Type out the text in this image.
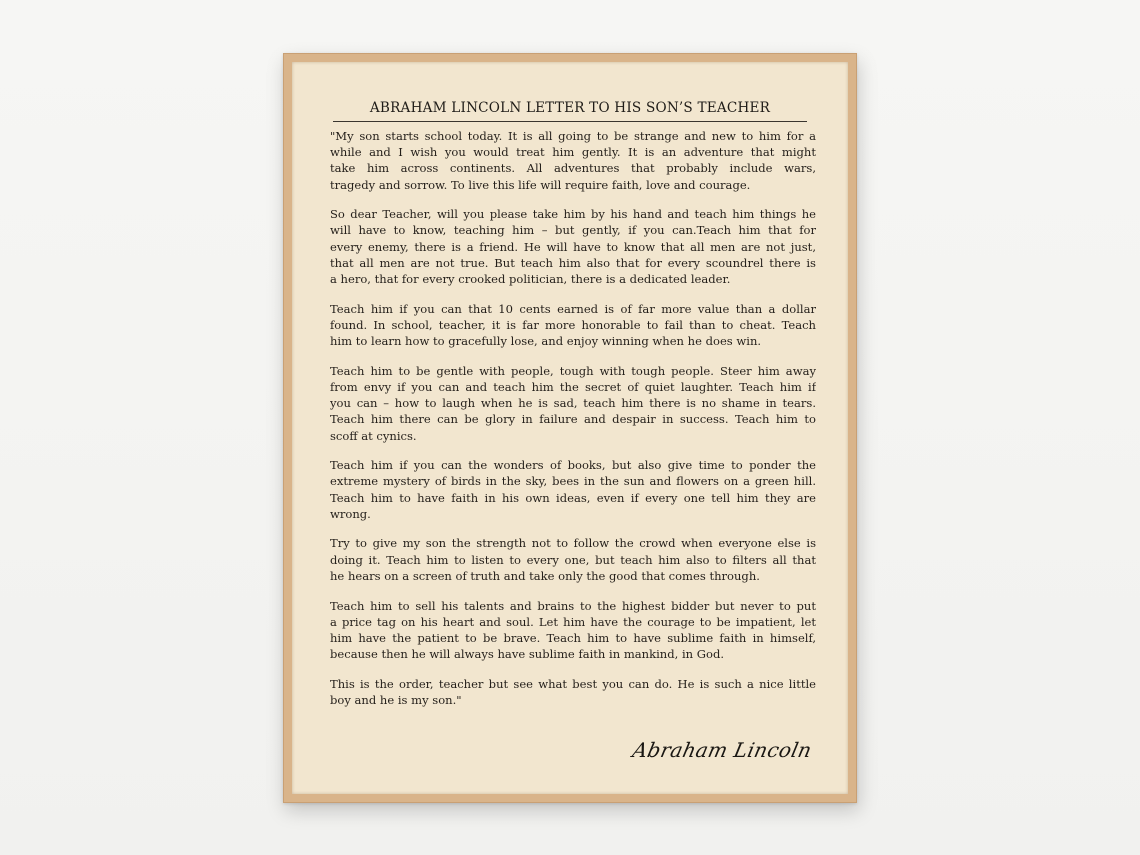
ABRAHAM LINCOLN LETTER TO HIS SON’S TEACHER
"My son starts school today. It is all going to be strange and new to him for a
while and I wish you would treat him gently. It is an adventure that might
take him across continents. All adventures that probably include wars,
tragedy and sorrow. To live this life will require faith, love and courage.
So dear Teacher, will you please take him by his hand and teach him things he
will have to know, teaching him – but gently, if you can.Teach him that for
every enemy, there is a friend. He will have to know that all men are not just,
that all men are not true. But teach him also that for every scoundrel there is
a hero, that for every crooked politician, there is a dedicated leader.
Teach him if you can that 10 cents earned is of far more value than a dollar
found. In school, teacher, it is far more honorable to fail than to cheat. Teach
him to learn how to gracefully lose, and enjoy winning when he does win.
Teach him to be gentle with people, tough with tough people. Steer him away
from envy if you can and teach him the secret of quiet laughter. Teach him if
you can – how to laugh when he is sad, teach him there is no shame in tears.
Teach him there can be glory in failure and despair in success. Teach him to
scoff at cynics.
Teach him if you can the wonders of books, but also give time to ponder the
extreme mystery of birds in the sky, bees in the sun and flowers on a green hill.
Teach him to have faith in his own ideas, even if every one tell him they are
wrong.
Try to give my son the strength not to follow the crowd when everyone else is
doing it. Teach him to listen to every one, but teach him also to filters all that
he hears on a screen of truth and take only the good that comes through.
Teach him to sell his talents and brains to the highest bidder but never to put
a price tag on his heart and soul. Let him have the courage to be impatient, let
him have the patient to be brave. Teach him to have sublime faith in himself,
because then he will always have sublime faith in mankind, in God.
This is the order, teacher but see what best you can do. He is such a nice little
boy and he is my son."
Abraham Lincoln
